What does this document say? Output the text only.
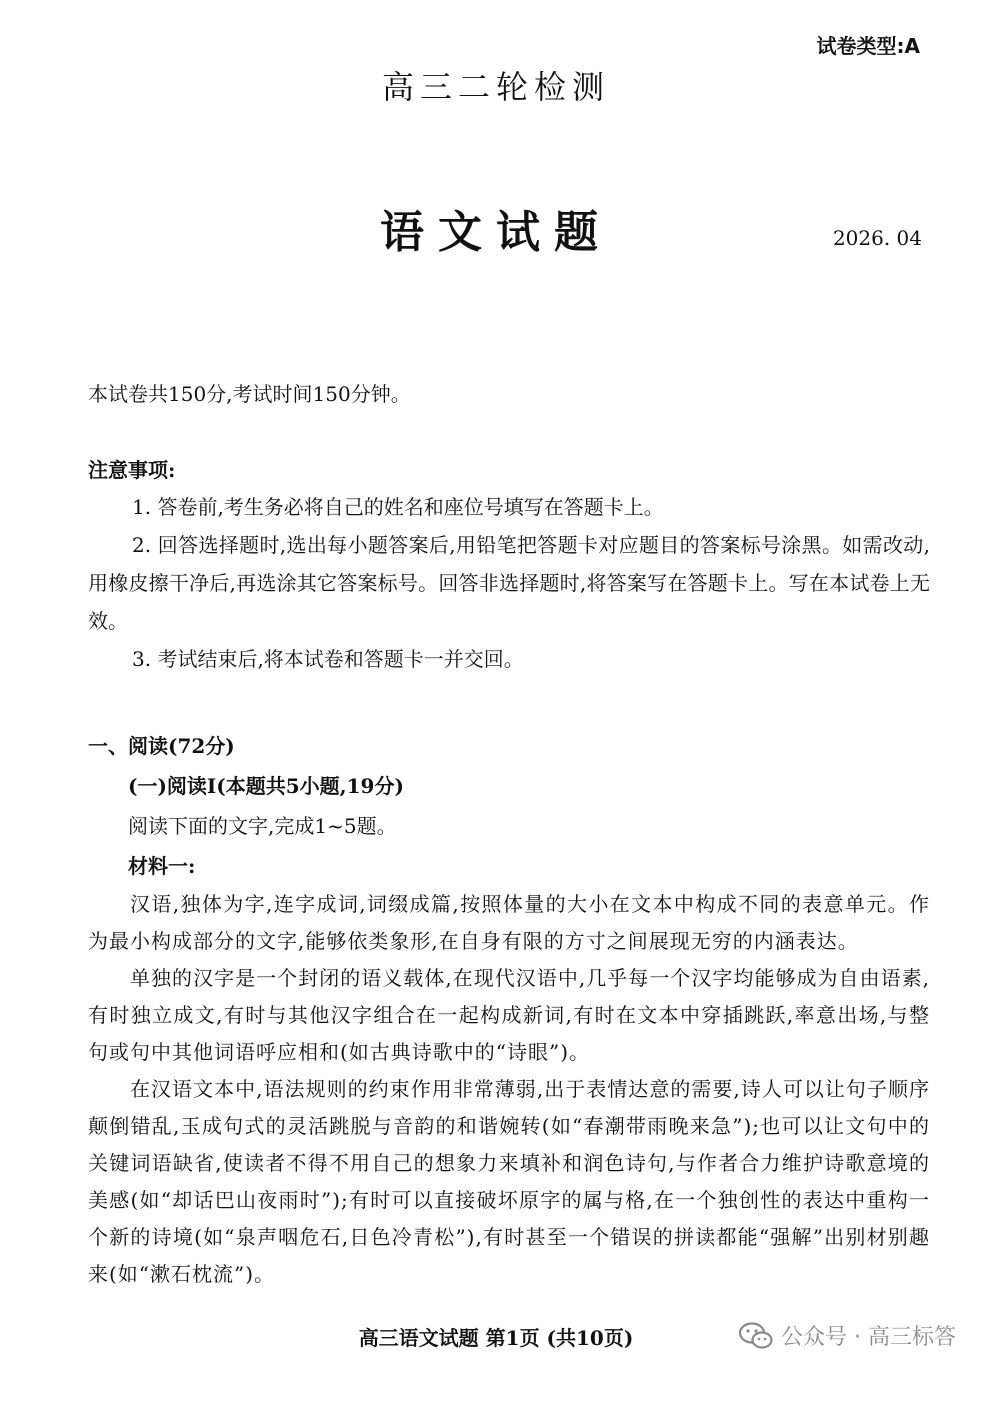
试卷类型:A
高三二轮检测
语文试题	2026. 04
本试卷共150分,考试时间150分钟。
注意事项:
1. 答卷前,考生务必将自己的姓名和座位号填写在答题卡上。
2. 回答选择题时,选出每小题答案后,用铅笔把答题卡对应题目的答案标号涂黑。如需改动,用橡皮擦干净后,再选涂其它答案标号。回答非选择题时,将答案写在答题卡上。写在本试卷上无效。
3. 考试结束后,将本试卷和答题卡一并交回。
一、阅读(72分)
(一)阅读Ⅰ(本题共5小题,19分)
阅读下面的文字,完成1~5题。
材料一:

汉语,独体为字,连字成词,词缀成篇,按照体量的大小在文本中构成不同的表意单元。作为最小构成部分的文字,能够依类象形,在自身有限的方寸之间展现无穷的内涵表达。

单独的汉字是一个封闭的语义载体,在现代汉语中,几乎每一个汉字均能够成为自由语素,有时独立成文,有时与其他汉字组合在一起构成新词,有时在文本中穿插跳跃,率意出场,与整句或句中其他词语呼应相和(如古典诗歌中的“诗眼”)。

在汉语文本中,语法规则的约束作用非常薄弱,出于表情达意的需要,诗人可以让句子顺序颠倒错乱,玉成句式的灵活跳脱与音韵的和谐婉转(如“春潮带雨晚来急”);也可以让文句中的关键词语缺省,使读者不得不用自己的想象力来填补和润色诗句,与作者合力维护诗歌意境的美感(如“却话巴山夜雨时”);有时可以直接破坏原字的属与格,在一个独创性的表达中重构一个新的诗境(如“泉声咽危石,日色冷青松”),有时甚至一个错误的拼读都能“强解”出别材别趣来(如“漱石枕流”)。

高三语文试题 第1页 (共10页)	公众号 · 高三标答
